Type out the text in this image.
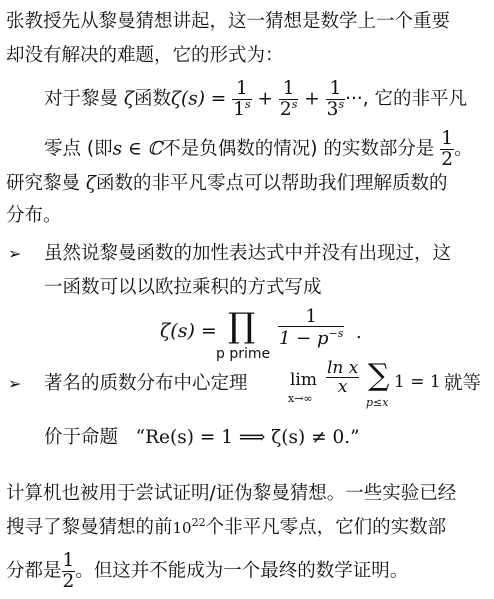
张教授先从黎曼猜想讲起，这一猜想是数学上一个重要
却没有解决的难题，它的形式为：
对于黎曼 ζ函数$\zeta(s) = \frac{1}{1^s} + \frac{1}{2^s} + \frac{1}{3^s}$ ···, 它的非平凡
零点 (即s ∈ ℂ不是负偶数的情况) 的实数部分是 $\frac{1}{2}$ 。
研究黎曼 ζ函数的非平凡零点可以帮助我们理解质数的
分布。
➢ 虽然说黎曼函数的加性表达式中并没有出现过，这
一函数可以以欧拉乘积的方式写成
ζ(s) = ∏
p prime
$\frac{1}{1 - p^{-s}}$ .
➢ 著名的质数分布中心定理 lim
x→∞
$\frac{\text{ln x}}{x}$ ∑
p≤x
1 = 1 就等
价于命题 “Re(s) = 1 ⟹ ζ(s) ≠ 0.”
计算机也被用于尝试证明/证伪黎曼猜想。一些实验已经
搜寻了黎曼猜想的前$10^{22}$个非平凡零点，它们的实数部
分都是 $\frac{1}{2}$ 。但这并不能成为一个最终的数学证明。
